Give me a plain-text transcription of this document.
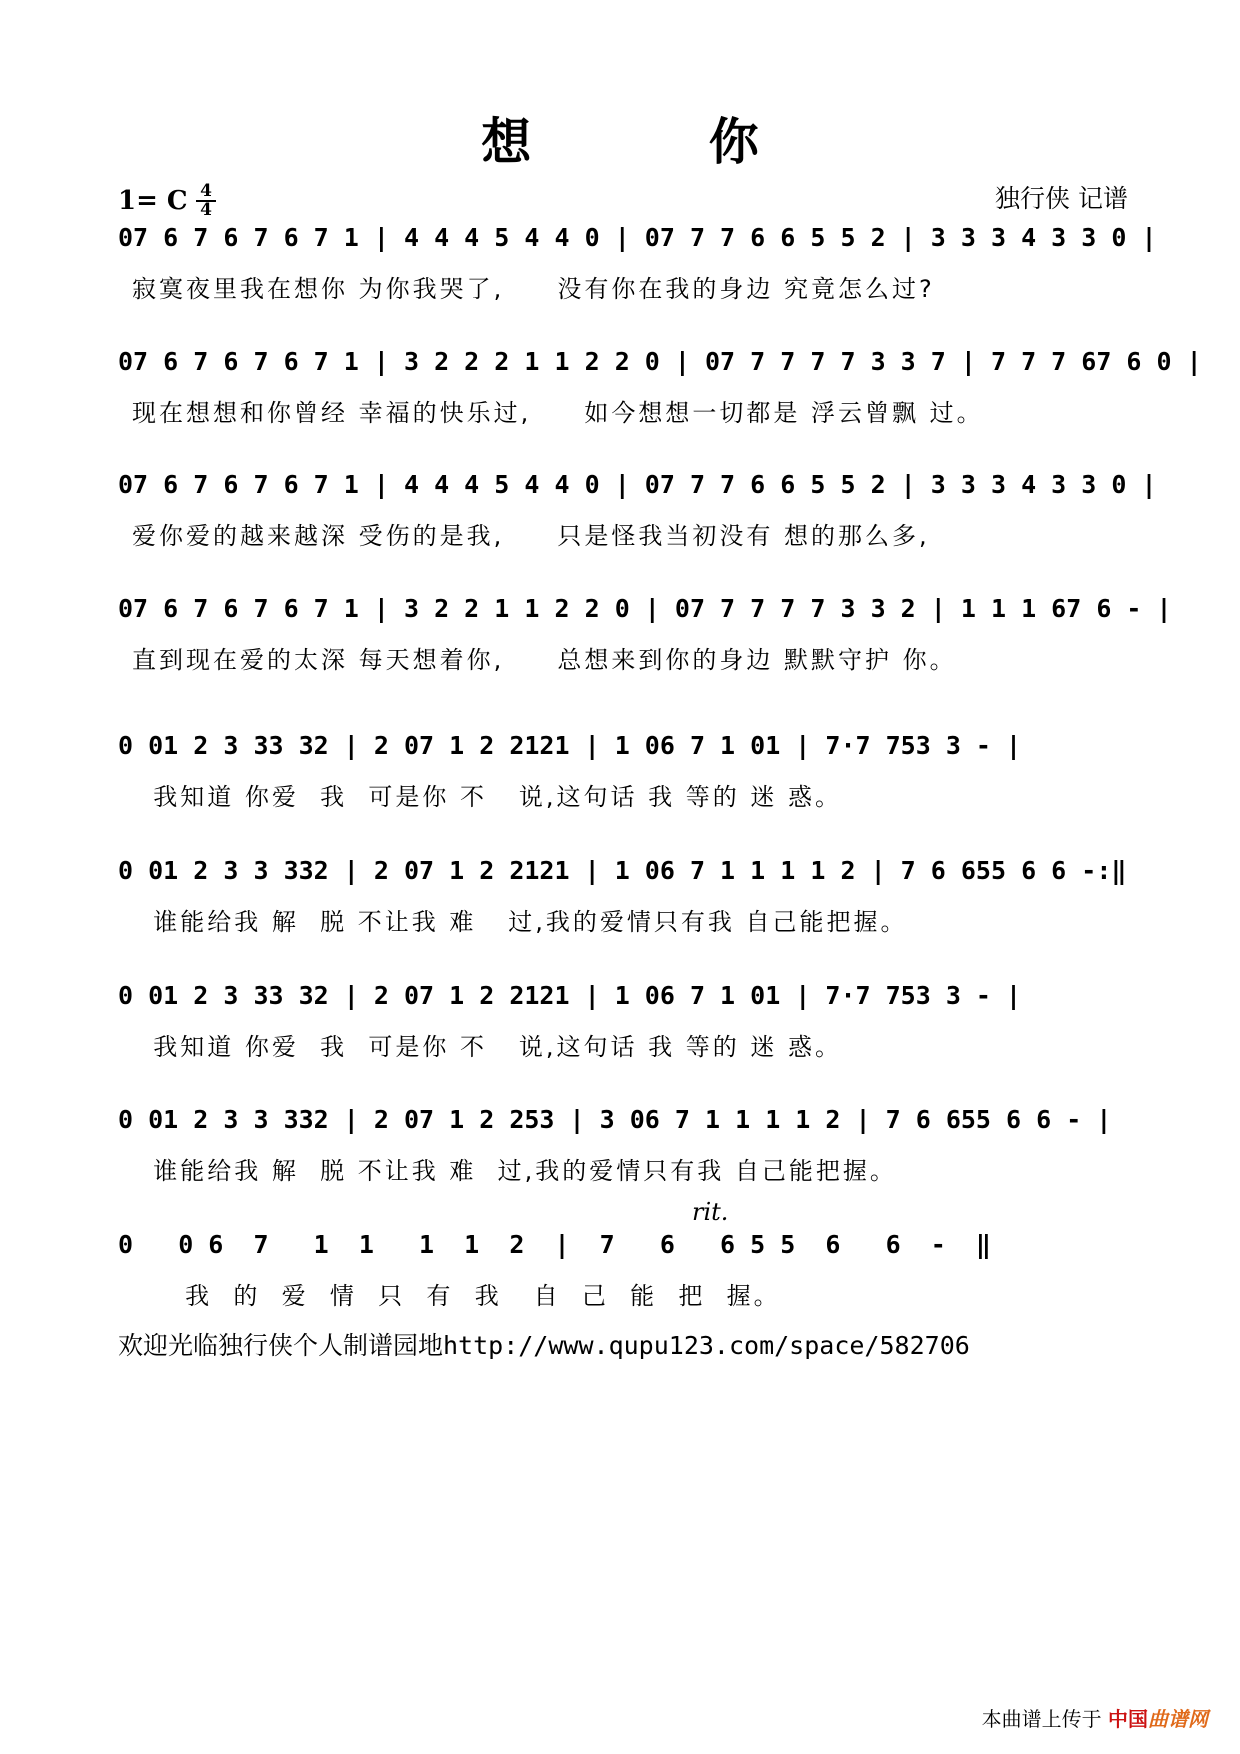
想 你
1= C 4
4	独行侠 记谱
07 6 7 6 7 6 7 1 | 4 4 4 5 4 4 0 | 07 7 7 6 6 5 5 2 | 3 3 3 4 3 3 0 |
寂寞夜里我在想你 为你我哭了,     没有你在我的身边 究竟怎么过?
07 6 7 6 7 6 7 1 | 3 2 2 2 1 1 2 2 0 | 07 7 7 7 7 3 3 7 | 7 7 7 67 6 0 |
现在想想和你曾经 幸福的快乐过,     如今想想一切都是 浮云曾飘 过。
07 6 7 6 7 6 7 1 | 4 4 4 5 4 4 0 | 07 7 7 6 6 5 5 2 | 3 3 3 4 3 3 0 |
爱你爱的越来越深 受伤的是我,     只是怪我当初没有 想的那么多,
07 6 7 6 7 6 7 1 | 3 2 2 1 1 2 2 0 | 07 7 7 7 7 3 3 2 | 1 1 1 67 6 - |
直到现在爱的太深 每天想着你,     总想来到你的身边 默默守护 你。
0 01 2 3 33 32 | 2 07 1 2 2121 | 1 06 7 1 01 | 7·7 753 3 - |
我知道 你爱  我  可是你 不   说,这句话 我 等的 迷 惑。
0 01 2 3 3 332 | 2 07 1 2 2121 | 1 06 7 1 1 1 1 2 | 7 6 655 6 6 -:‖
谁能给我 解  脱 不让我 难   过,我的爱情只有我 自己能把握。
0 01 2 3 33 32 | 2 07 1 2 2121 | 1 06 7 1 01 | 7·7 753 3 - |
我知道 你爱  我  可是你 不   说,这句话 我 等的 迷 惑。
0 01 2 3 3 332 | 2 07 1 2 253 | 3 06 7 1 1 1 1 2 | 7 6 655 6 6 - |
谁能给我 解  脱 不让我 难  过,我的爱情只有我 自己能把握。
rit.
0   0 6  7   1  1   1  1  2  |  7   6   6 5 5  6   6  -  ‖
我  的  爱  情  只  有  我   自  己  能  把  握。
欢迎光临独行侠个人制谱园地http://www.qupu123.com/space/582706
本曲谱上传于 中国曲谱网
